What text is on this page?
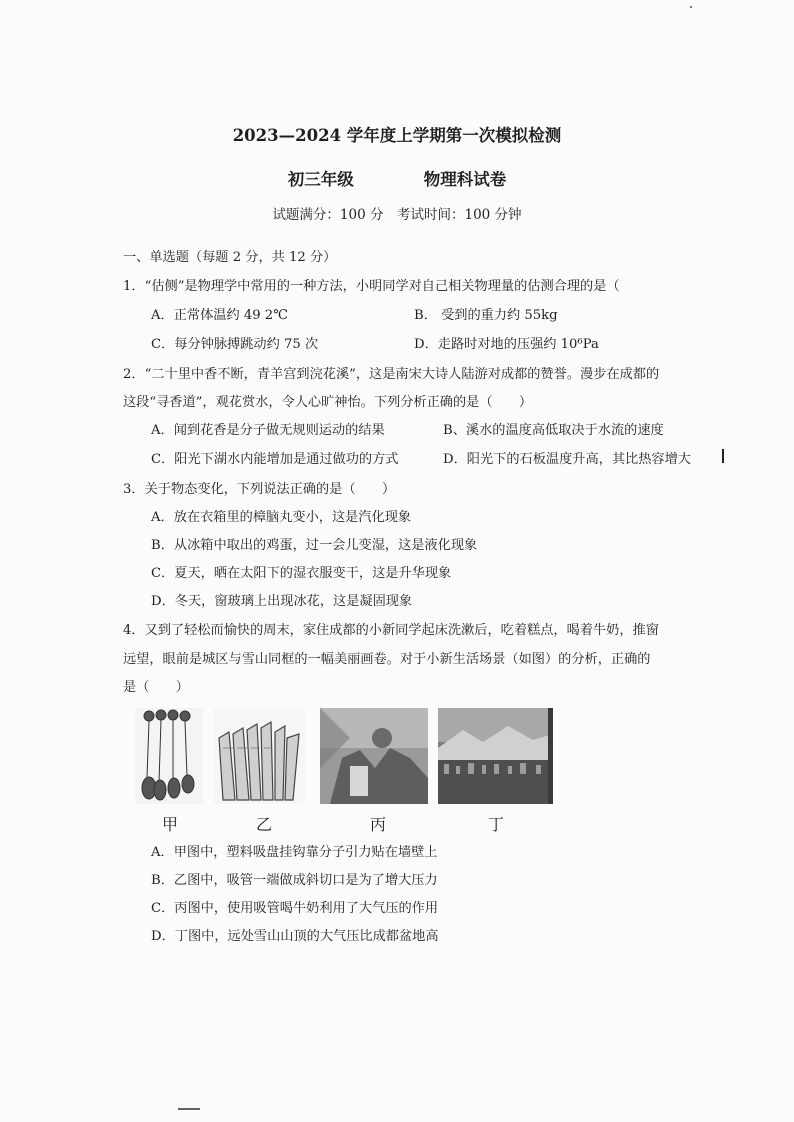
2023—2024 学年度上学期第一次模拟检测
初三年级	物理科试卷
试题满分：100 分　考试时间：100 分钟
一、单选题（每题 2 分，共 12 分）
1．“估侧”是物理学中常用的一种方法，小明同学对自己相关物理量的估测合理的是（
A．正常体温约 49 2℃	B． 受到的重力约 55kg
C．每分钟脉搏跳动约 75 次	D．走路时对地的压强约 10⁶Pa
2．“二十里中香不断，青羊宫到浣花溪”，这是南宋大诗人陆游对成都的赞誉。漫步在成都的
这段“寻香道”，观花赏水，令人心旷神怡。下列分析正确的是（　　）
A．闻到花香是分子做无规则运动的结果	B、溪水的温度高低取决于水流的速度
C．阳光下湖水内能增加是通过做功的方式	D．阳光下的石板温度升高，其比热容增大
3．关于物态变化，下列说法正确的是（　　）
A．放在衣箱里的樟脑丸变小，这是汽化现象
B．从冰箱中取出的鸡蛋，过一会儿变湿，这是液化现象
C．夏天，晒在太阳下的湿衣服变干，这是升华现象
D．冬天，窗玻璃上出现冰花，这是凝固现象
4．又到了轻松而愉快的周末，家住成都的小新同学起床洗漱后，吃着糕点，喝着牛奶，推窗
远望，眼前是城区与雪山同框的一幅美丽画卷。对于小新生活场景（如图）的分析，正确的
是（　　）
甲	乙	丙	丁
A．甲图中，塑料吸盘挂钩靠分子引力贴在墙壁上
B．乙图中，吸管一端做成斜切口是为了增大压力
C．丙图中，使用吸管喝牛奶利用了大气压的作用
D．丁图中，远处雪山山顶的大气压比成都盆地高
